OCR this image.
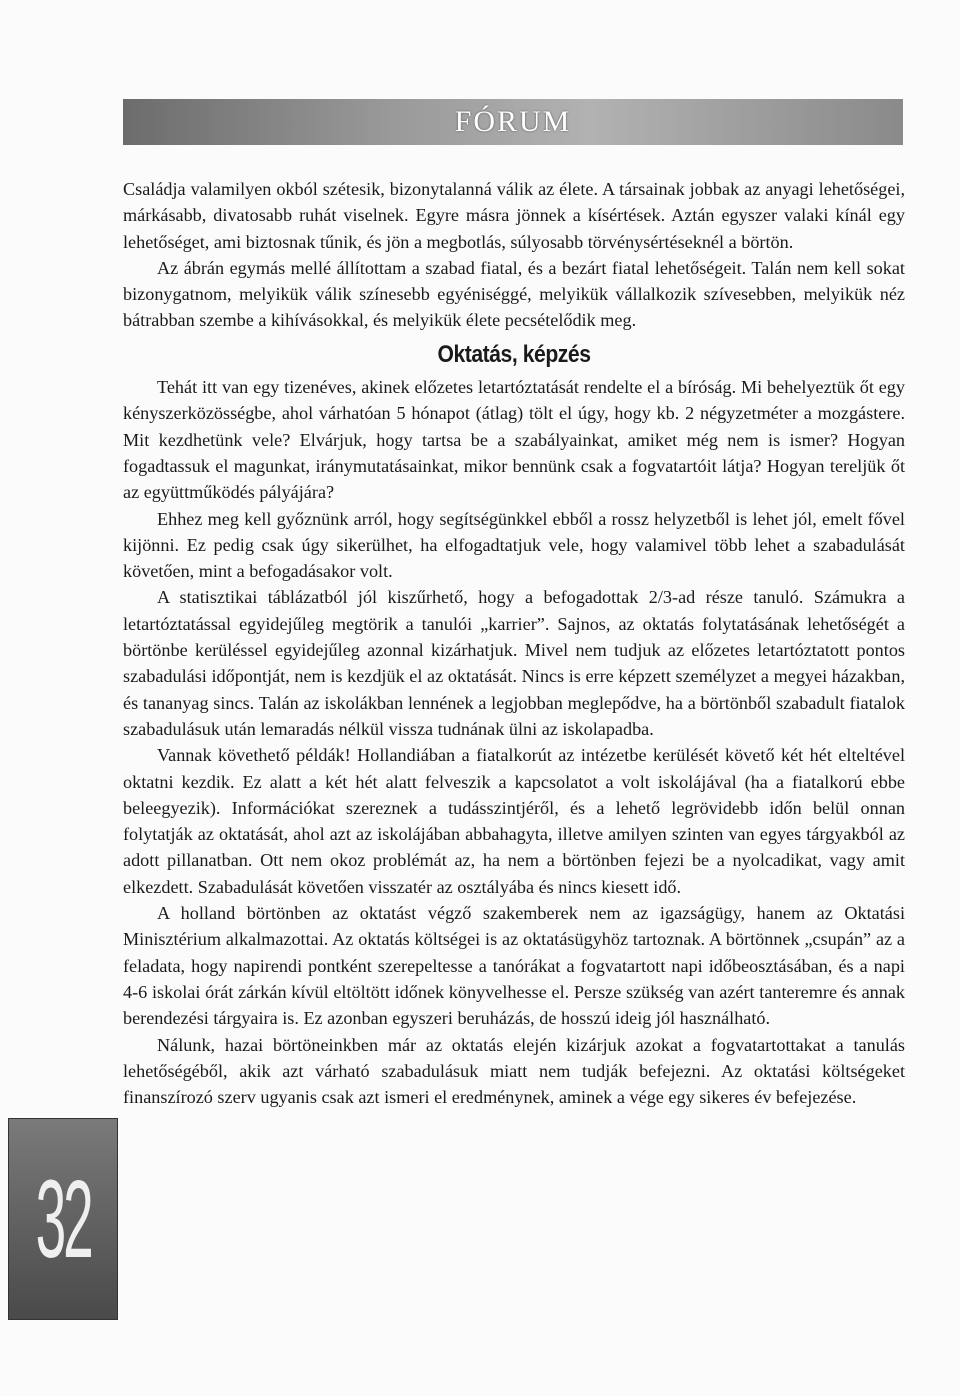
FÓRUM

Családja valamilyen okból szétesik, bizonytalanná válik az élete. A társainak jobbak az anyagi lehetőségei, márkásabb, divatosabb ruhát viselnek. Egyre másra jönnek a kísértések. Aztán egyszer valaki kínál egy lehetőséget, ami biztosnak tűnik, és jön a megbotlás, súlyosabb törvénysértéseknél a börtön.

Az ábrán egymás mellé állítottam a szabad fiatal, és a bezárt fiatal lehetőségeit. Talán nem kell sokat bizonygatnom, melyikük válik színesebb egyéniséggé, melyikük vállalkozik szívesebben, melyikük néz bátrabban szembe a kihívásokkal, és melyikük élete pecsételődik meg.

Oktatás, képzés

Tehát itt van egy tizenéves, akinek előzetes letartóztatását rendelte el a bíróság. Mi behelyeztük őt egy kényszerközösségbe, ahol várhatóan 5 hónapot (átlag) tölt el úgy, hogy kb. 2 négyzetméter a mozgástere. Mit kezdhetünk vele? Elvárjuk, hogy tartsa be a szabályainkat, amiket még nem is ismer? Hogyan fogadtassuk el magunkat, iránymutatásainkat, mikor bennünk csak a fogvatartóit látja? Hogyan tereljük őt az együttműködés pályájára?

Ehhez meg kell győznünk arról, hogy segítségünkkel ebből a rossz helyzetből is lehet jól, emelt fővel kijönni. Ez pedig csak úgy sikerülhet, ha elfogadtatjuk vele, hogy valamivel több lehet a szabadulását követően, mint a befogadásakor volt.

A statisztikai táblázatból jól kiszűrhető, hogy a befogadottak 2/3-ad része tanuló. Számukra a letartóztatással egyidejűleg megtörik a tanulói „karrier”. Sajnos, az oktatás folytatásának lehetőségét a börtönbe kerüléssel egyidejűleg azonnal kizárhatjuk. Mivel nem tudjuk az előzetes letartóztatott pontos szabadulási időpontját, nem is kezdjük el az oktatását. Nincs is erre képzett személyzet a megyei házakban, és tananyag sincs. Talán az iskolákban lennének a legjobban meglepődve, ha a börtönből szabadult fiatalok szabadulásuk után lemaradás nélkül vissza tudnának ülni az iskolapadba.

Vannak követhető példák! Hollandiában a fiatalkorút az intézetbe kerülését követő két hét elteltével oktatni kezdik. Ez alatt a két hét alatt felveszik a kapcsolatot a volt iskolájával (ha a fiatalkorú ebbe beleegyezik). Információkat szereznek a tudásszintjéről, és a lehető legrövidebb időn belül onnan folytatják az oktatását, ahol azt az iskolájában abbahagyta, illetve amilyen szinten van egyes tárgyakból az adott pillanatban. Ott nem okoz problémát az, ha nem a börtönben fejezi be a nyolcadikat, vagy amit elkezdett. Szabadulását követően visszatér az osztályába és nincs kiesett idő.

A holland börtönben az oktatást végző szakemberek nem az igazságügy, hanem az Oktatási Minisztérium alkalmazottai. Az oktatás költségei is az oktatásügyhöz tartoznak. A börtönnek „csupán” az a feladata, hogy napirendi pontként szerepeltesse a tanórákat a fogvatartott napi időbeosztásában, és a napi 4-6 iskolai órát zárkán kívül eltöltött időnek könyvelhesse el. Persze szükség van azért tanteremre és annak berendezési tárgyaira is. Ez azonban egyszeri beruházás, de hosszú ideig jól használható.

Nálunk, hazai börtöneinkben már az oktatás elején kizárjuk azokat a fogvatartottakat a tanulás lehetőségéből, akik azt várható szabadulásuk miatt nem tudják befejezni. Az oktatási költségeket finanszírozó szerv ugyanis csak azt ismeri el eredménynek, aminek a vége egy sikeres év befejezése.

32
